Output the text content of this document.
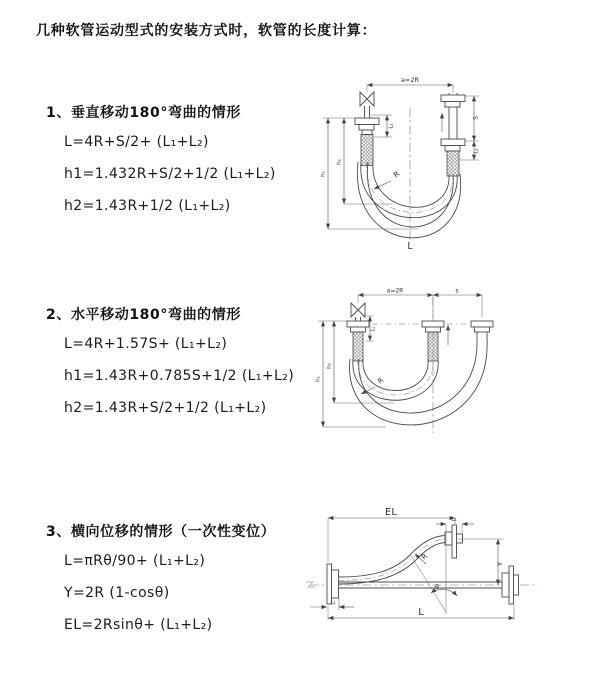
几种软管运动型式的安装方式时，软管的长度计算：
1、垂直移动180°弯曲的情形
L=4R+S/2+ (L₁+L₂)
h1=1.432R+S/2+1/2 (L₁+L₂)
h2=1.43R+1/2 (L₁+L₂)
2、水平移动180°弯曲的情形
L=4R+1.57S+ (L₁+L₂)
h1=1.43R+0.785S+1/2 (L₁+L₂)
h2=1.43R+S/2+1/2 (L₁+L₂)
3、横向位移的情形（一次性变位）
L=πRθ/90+ (L₁+L₂)
Y=2R (1-cosθ)
EL=2Rsinθ+ (L₁+L₂)
a=2R
S
L₂
h₁
h₂
L₁
R
L
a=2R	s
h₁
h₂
L₁
R
EL
L₂
Y
R
θ
L
L₁
